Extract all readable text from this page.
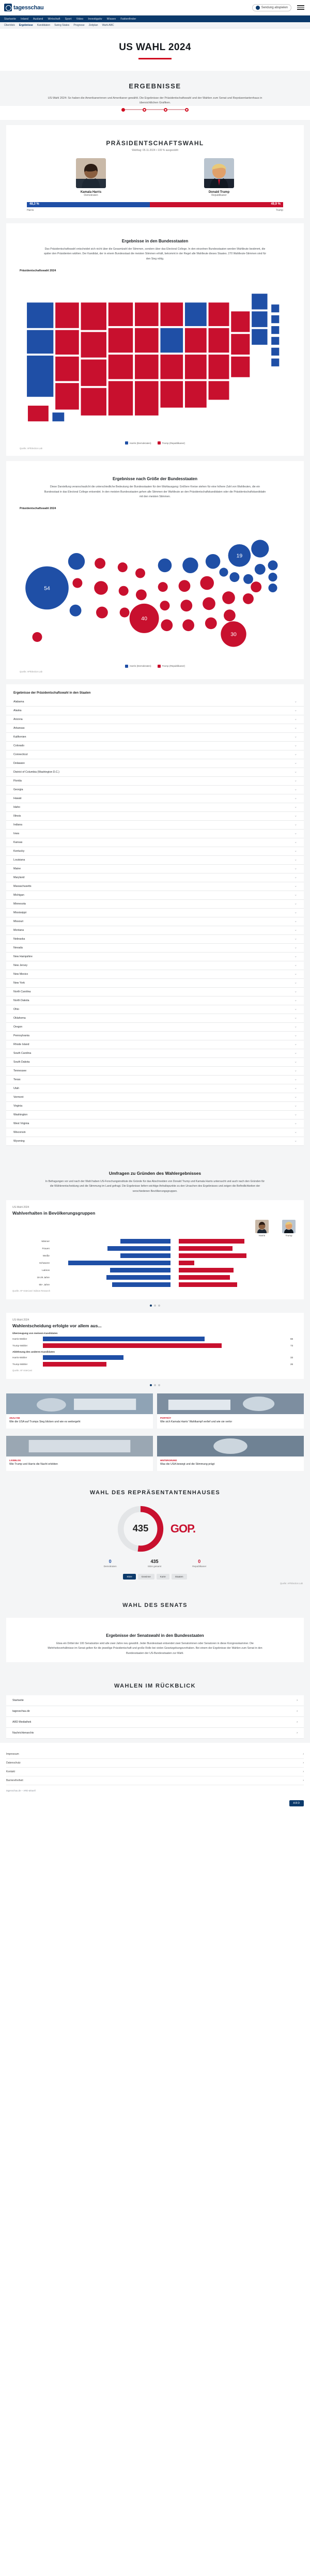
tagesschau	Sendung abspielen
Startseite Inland Ausland Wirtschaft Sport Video Investigativ Wissen Faktenfinder
Überblick Ergebnisse Kandidaten Swing States Prognose Zeitplan Wahl-ABC
US WAHL 2024
ERGEBNISSE
US-Wahl 2024: So haben die Amerikanerinnen und Amerikaner gewählt. Die Ergebnisse der Präsidentschaftswahl und der Wahlen zum Senat und Repräsentantenhaus in übersichtlichen Grafiken.
PRÄSIDENTSCHAFTSWAHL
Wahltag: 05.11.2024 • 100 % ausgezählt
Kamala Harris
Demokraten
Donald Trump
Republikaner
48,3 %	49,9 %
Harris	Trump
Ergebnisse in den Bundesstaaten

Das Präsidentschaftswahl entscheidet sich nicht über die Gesamtzahl der Stimmen, sondern über das Electoral College. In den einzelnen Bundesstaaten werden Wahlleute bestimmt, die später den Präsidenten wählen. Der Kandidat, der in einem Bundesstaat die meisten Stimmen erhält, bekommt in der Regel alle Wahlleute dieses Staates. 270 Wahlleute-Stimmen sind für den Sieg nötig.

Präsidentschaftswahl 2024
Harris (Demokraten)	Trump (Republikaner)
Quelle: AP/Election Lab
Ergebnisse nach Größe der Bundesstaaten

Diese Darstellung veranschaulicht die unterschiedliche Bedeutung der Bundesstaaten für den Wahlausgang: Größere Kreise stehen für eine höhere Zahl von Wahlleuten, die ein Bundesstaat in das Electoral College entsendet. In den meisten Bundesstaaten gehen alle Stimmen der Wahlleute an den Präsidentschaftskandidaten oder die Präsidentschaftskandidatin mit den meisten Stimmen.

Präsidentschaftswahl 2024
54
40
30
19
Harris (Demokraten)	Trump (Republikaner)
Quelle: AP/Election Lab
Ergebnisse der Präsidentschaftswahl in den Staaten
Alabama	‹
Alaska	‹
Arizona	‹
Arkansas	‹
Kalifornien	‹
Colorado	‹
Connecticut	‹
Delaware	‹
District of Columbia (Washington D.C.)	‹
Florida	‹
Georgia	‹
Hawaii	‹
Idaho	‹
Illinois	‹
Indiana	‹
Iowa	‹
Kansas	‹
Kentucky	‹
Louisiana	‹
Maine	‹
Maryland	‹
Massachusetts	‹
Michigan	‹
Minnesota	‹
Mississippi	‹
Missouri	‹
Montana	‹
Nebraska	‹
Nevada	‹
New Hampshire	‹
New Jersey	‹
New Mexico	‹
New York	‹
North Carolina	‹
North Dakota	‹
Ohio	‹
Oklahoma	‹
Oregon	‹
Pennsylvania	‹
Rhode Island	‹
South Carolina	‹
South Dakota	‹
Tennessee	‹
Texas	‹
Utah	‹
Vermont	‹
Virginia	‹
Washington	‹
West Virginia	‹
Wisconsin	‹
Wyoming	‹
Umfragen zu Gründen des Wahlergebnisses

In Befragungen vor und nach der Wahl haben US-Forschungsinstitute die Gründe für das Abschneiden von Donald Trump und Kamala Harris untersucht und auch nach den Gründen für die Wählerentscheidung und die Stimmung im Land gefragt. Die Ergebnisse liefern wichtige Anhaltspunkte zu den Ursachen des Ergebnisses und zeigen die Befindlichkeiten der verschiedenen Bevölkerungsgruppen.

US-Wahl 2024
Wahlverhalten in Bevölkerungsgruppen
Harris	Trump
Männer
42	55
Frauen
53	45
Weiße
42	57
Schwarze
86	13
Latinos
51	46
18-29 Jahre
54	43
65+ Jahre
49	49
Quelle: AP VoteCast / Edison Research
US-Wahl 2024
Wahlentscheidung erfolgte vor allem aus...
Überzeugung von meinem Kandidaten
Harris-Wähler	66
Trump-Wähler	73
Ablehnung des anderen Kandidaten
Harris-Wähler	33
Trump-Wähler	26
Quelle: AP VoteCast
ANALYSE
Wie die USA auf Trumps Sieg blicken und wie es weitergeht
PORTRÄT
Wie sich Kamala Harris' Wahlkampf verlief und wie sie verlor
LIVEBLOG
Wie Trump und Harris die Nacht erlebten
HINTERGRUND
Was die USA bewegt und die Stimmung prägt
WAHL DES REPRÄSENTANTENHAUSES
435 GOP.
0
Demokraten
435
Sitze gesamt
0
Republikaner
Sitze	Gewinne	Karte	Staaten
Quelle: AP/Election Lab
WAHL DES SENATS
Ergebnisse der Senatswahl in den Bundesstaaten

Etwa ein Drittel der 100 Senatssitze wird alle zwei Jahre neu gewählt. Jeder Bundesstaat entsendet zwei Senatorinnen oder Senatoren in diese Kongresskammer. Die Mehrheitsverhältnisse im Senat gelten für die jeweilige Präsidentschaft und große Rolle bei vielen Gesetzgebungsvorhaben. Bei einem der Ergebnisse der Wahlen zum Senat in den Bundesstaaten der US-Bundesstaaten zur Wahl.

WAHLEN IM RÜCKBLICK
Startseite	›
tagesschau.de	›
ARD Mediathek	›
Nachrichtenarchiv	›
Impressum	›
Datenschutz	›
Kontakt	›
Barrierefreiheit	›
tagesschau.de – ARD-aktuell
ARD
